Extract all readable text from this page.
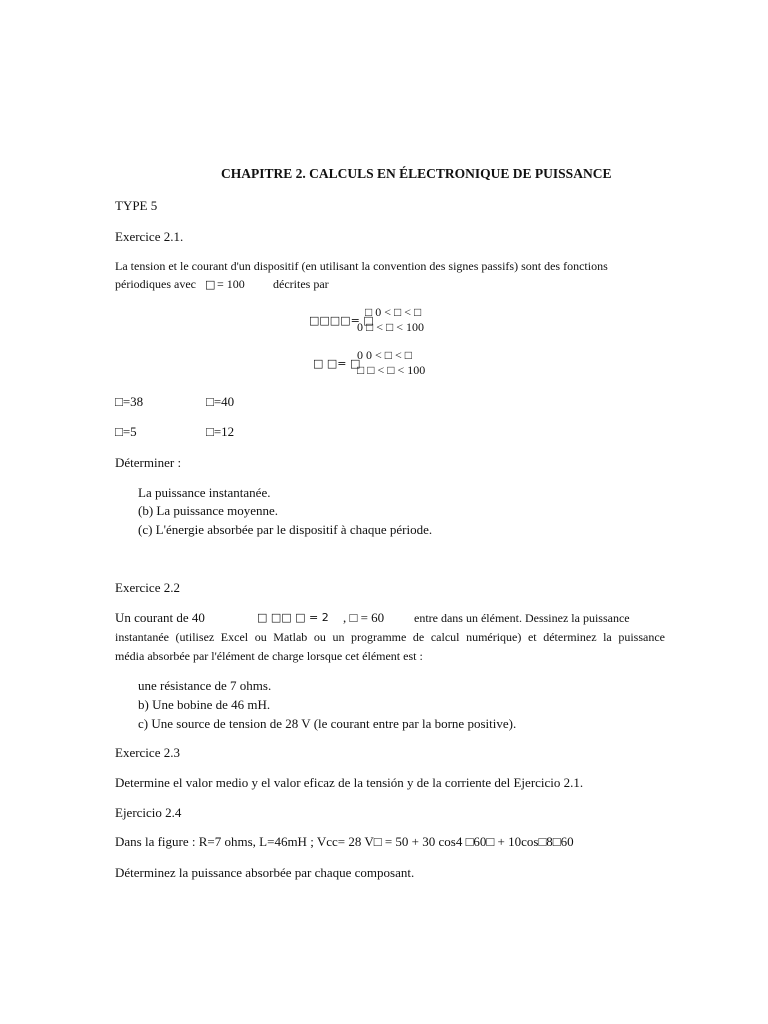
CHAPITRE 2. CALCULS EN ÉLECTRONIQUE DE PUISSANCE
TYPE 5
Exercice 2.1.
La tension et le courant d'un dispositif (en utilisant la convention des signes passifs) sont des fonctions
périodiques avec □ = 100 décrites par
□□□□= □
□ 0 < □ < □
0 □ < □ < 100
□ □= □
0 0 < □ < □
□ □ < □ < 100
□=38	□=40
□=5	□=12
Déterminer :
La puissance instantanée.
(b) La puissance moyenne.
(c) L'énergie absorbée par le dispositif à chaque période.
Exercice 2.2
Un courant de 40	□ □□ □ = 2 , □ = 60 entre dans un élément. Dessinez la puissance
instantanée (utilisez Excel ou Matlab ou un programme de calcul numérique) et déterminez la puissance
média absorbée par l'élément de charge lorsque cet élément est :
une résistance de 7 ohms.
b) Une bobine de 46 mH.
c) Une source de tension de 28 V (le courant entre par la borne positive).
Exercice 2.3
Determine el valor medio y el valor eficaz de la tensión y de la corriente del Ejercicio 2.1.
Ejercicio 2.4
Dans la figure : R=7 ohms, L=46mH ; Vcc= 28 V□ = 50 + 30 cos4 □60□ + 10cos□8□60
Déterminez la puissance absorbée par chaque composant.
